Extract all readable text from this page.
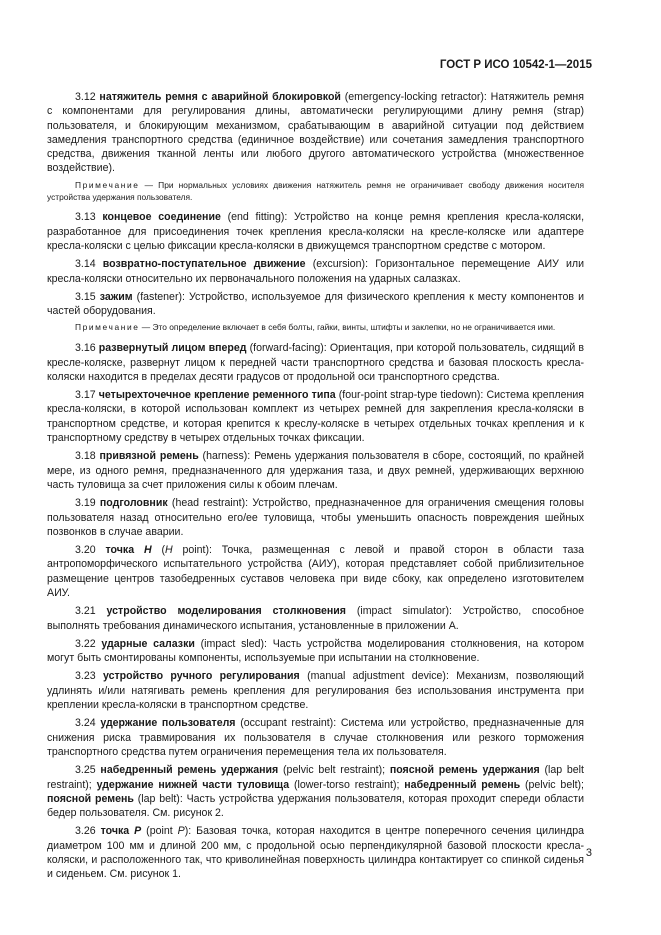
ГОСТ Р ИСО 10542-1—2015

3.12 натяжитель ремня с аварийной блокировкой (emergency-locking retractor): Натяжитель ремня с компонентами для регулирования длины, автоматически регулирующими длину ремня (strap) пользователя, и блокирующим механизмом, срабатывающим в аварийной ситуации под действием замедления транспортного средства (единичное воздействие) или сочетания замедления транспортного средства, движения тканной ленты или любого другого автоматического устройства (множественное воздействие).

Примечание — При нормальных условиях движения натяжитель ремня не ограничивает свободу движения носителя устройства удержания пользователя.

3.13 концевое соединение (end fitting): Устройство на конце ремня крепления кресла-коляски, разработанное для присоединения точек крепления кресла-коляски на кресле-коляске или адаптере кресла-коляски с целью фиксации кресла-коляски в движущемся транспортном средстве с мотором.

3.14 возвратно-поступательное движение (excursion): Горизонтальное перемещение АИУ или кресла-коляски относительно их первоначального положения на ударных салазках.

3.15 зажим (fastener): Устройство, используемое для физического крепления к месту компонентов и частей оборудования.

Примечание — Это определение включает в себя болты, гайки, винты, штифты и заклепки, но не ограничивается ими.

3.16 развернутый лицом вперед (forward-facing): Ориентация, при которой пользователь, сидящий в кресле-коляске, развернут лицом к передней части транспортного средства и базовая плоскость кресла-коляски находится в пределах десяти градусов от продольной оси транспортного средства.

3.17 четырехточечное крепление ременного типа (four-point strap-type tiedown): Система крепления кресла-коляски, в которой использован комплект из четырех ремней для закрепления кресла-коляски в транспортном средстве, и которая крепится к креслу-коляске в четырех отдельных точках крепления и к транспортному средству в четырех отдельных точках фиксации.

3.18 привязной ремень (harness): Ремень удержания пользователя в сборе, состоящий, по крайней мере, из одного ремня, предназначенного для удержания таза, и двух ремней, удерживающих верхнюю часть туловища за счет приложения силы к обоим плечам.

3.19 подголовник (head restraint): Устройство, предназначенное для ограничения смещения головы пользователя назад относительно его/ее туловища, чтобы уменьшить опасность повреждения шейных позвонков в случае аварии.

3.20 точка Н (H point): Точка, размещенная с левой и правой сторон в области таза антропоморфического испытательного устройства (АИУ), которая представляет собой приблизительное размещение центров тазобедренных суставов человека при виде сбоку, как определено изготовителем АИУ.

3.21 устройство моделирования столкновения (impact simulator): Устройство, способное выполнять требования динамического испытания, установленные в приложении А.

3.22 ударные салазки (impact sled): Часть устройства моделирования столкновения, на котором могут быть смонтированы компоненты, используемые при испытании на столкновение.

3.23 устройство ручного регулирования (manual adjustment device): Механизм, позволяющий удлинять и/или натягивать ремень крепления для регулирования без использования инструмента при креплении кресла-коляски в транспортном средстве.

3.24 удержание пользователя (occupant restraint): Система или устройство, предназначенные для снижения риска травмирования их пользователя в случае столкновения или резкого торможения транспортного средства путем ограничения перемещения тела их пользователя.

3.25 набедренный ремень удержания (pelvic belt restraint); поясной ремень удержания (lap belt restraint); удержание нижней части туловища (lower-torso restraint); набедренный ремень (pelvic belt); поясной ремень (lap belt): Часть устройства удержания пользователя, которая проходит спереди области бедер пользователя. См. рисунок 2.

3.26 точка Р (point P): Базовая точка, которая находится в центре поперечного сечения цилиндра диаметром 100 мм и длиной 200 мм, с продольной осью перпендикулярной базовой плоскости кресла-коляски, и расположенного так, что криволинейная поверхность цилиндра контактирует со спинкой сиденья и сиденьем. См. рисунок 1.

3
